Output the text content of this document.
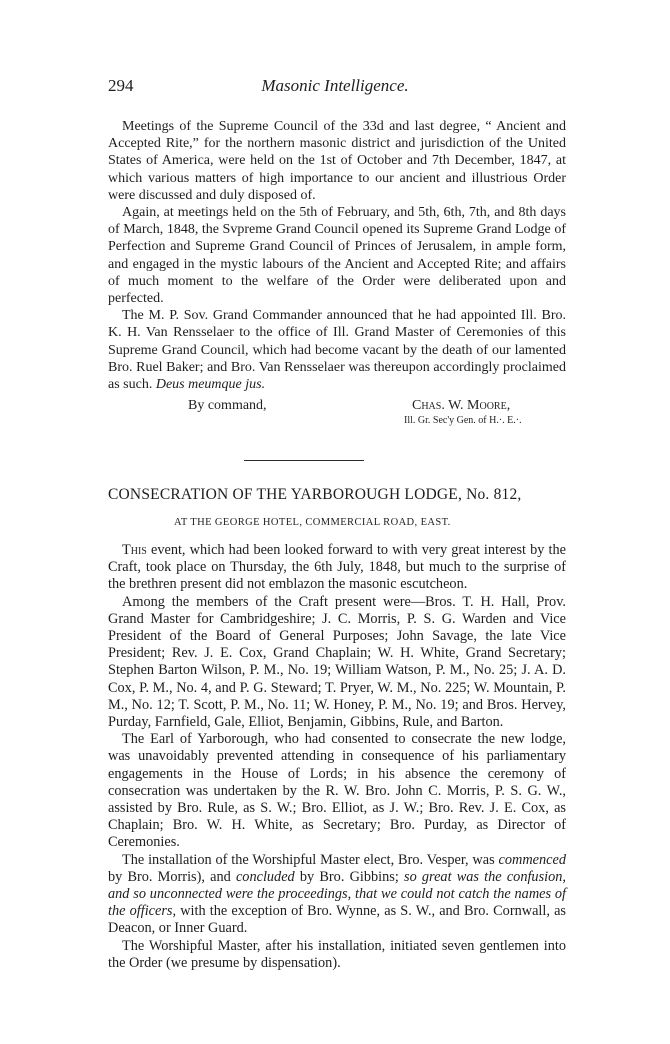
294	Masonic Intelligence.

Meetings of the Supreme Council of the 33d and last degree, “ Ancient and Accepted Rite,” for the northern masonic district and jurisdiction of the United States of America, were held on the 1st of October and 7th December, 1847, at which various matters of high importance to our ancient and illustrious Order were discussed and duly disposed of.

Again, at meetings held on the 5th of February, and 5th, 6th, 7th, and 8th days of March, 1848, the Svpreme Grand Council opened its Supreme Grand Lodge of Perfection and Supreme Grand Council of Princes of Jerusalem, in ample form, and engaged in the mystic labours of the Ancient and Accepted Rite; and affairs of much moment to the welfare of the Order were deliberated upon and perfected.

The M. P. Sov. Grand Commander announced that he had appointed Ill. Bro. K. H. Van Rensselaer to the office of Ill. Grand Master of Ceremonies of this Supreme Grand Council, which had become vacant by the death of our lamented Bro. Ruel Baker; and Bro. Van Rensselaer was thereupon accordingly proclaimed as such. Deus meumque jus.

By command,	Chas. W. Moore,
Ill. Gr. Sec'y Gen. of H.·. E.·.
CONSECRATION OF THE YARBOROUGH LODGE, No. 812,
AT THE GEORGE HOTEL, COMMERCIAL ROAD, EAST.

This event, which had been looked forward to with very great interest by the Craft, took place on Thursday, the 6th July, 1848, but much to the surprise of the brethren present did not emblazon the masonic escutcheon.

Among the members of the Craft present were—Bros. T. H. Hall, Prov. Grand Master for Cambridgeshire; J. C. Morris, P. S. G. Warden and Vice President of the Board of General Purposes; John Savage, the late Vice President; Rev. J. E. Cox, Grand Chaplain; W. H. White, Grand Secretary; Stephen Barton Wilson, P. M., No. 19; William Watson, P. M., No. 25; J. A. D. Cox, P. M., No. 4, and P. G. Steward; T. Pryer, W. M., No. 225; W. Mountain, P. M., No. 12; T. Scott, P. M., No. 11; W. Honey, P. M., No. 19; and Bros. Hervey, Purday, Farnfield, Gale, Elliot, Benjamin, Gibbins, Rule, and Barton.

The Earl of Yarborough, who had consented to consecrate the new lodge, was unavoidably prevented attending in consequence of his parliamentary engagements in the House of Lords; in his absence the ceremony of consecration was undertaken by the R. W. Bro. John C. Morris, P. S. G. W., assisted by Bro. Rule, as S. W.; Bro. Elliot, as J. W.; Bro. Rev. J. E. Cox, as Chaplain; Bro. W. H. White, as Secretary; Bro. Purday, as Director of Ceremonies.

The installation of the Worshipful Master elect, Bro. Vesper, was commenced by Bro. Morris), and concluded by Bro. Gibbins; so great was the confusion, and so unconnected were the proceedings, that we could not catch the names of the officers, with the exception of Bro. Wynne, as S. W., and Bro. Cornwall, as Deacon, or Inner Guard.

The Worshipful Master, after his installation, initiated seven gentlemen into the Order (we presume by dispensation).
